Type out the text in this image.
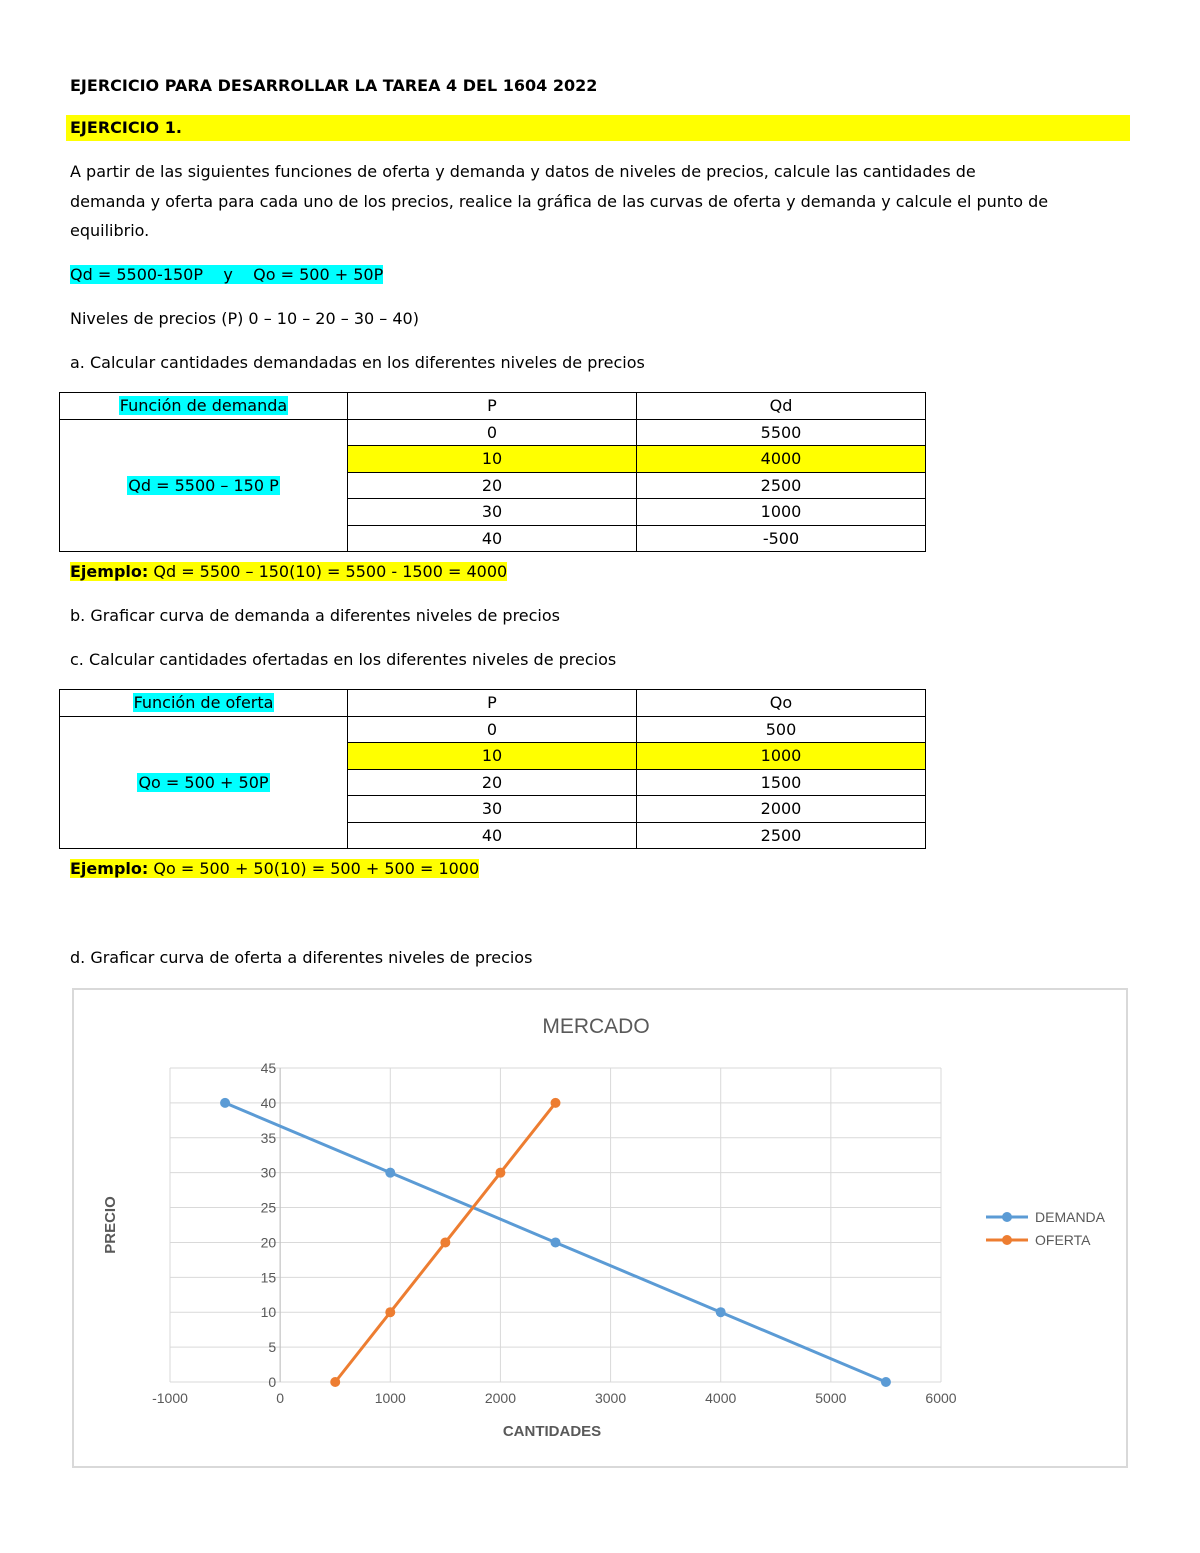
EJERCICIO PARA DESARROLLAR LA TAREA 4 DEL 1604 2022
EJERCICIO 1.
A partir de las siguientes funciones de oferta y demanda y datos de niveles de precios, calcule las cantidades de
demanda y oferta para cada uno de los precios, realice la gráfica de las curvas de oferta y demanda y calcule el punto de
equilibrio.
Qd = 5500-150P    y    Qo = 500 + 50P
Niveles de precios (P) 0 – 10 – 20 – 30 – 40)
a. Calcular cantidades demandadas en los diferentes niveles de precios
Función de demanda	P	Qd
Qd = 5500 – 150 P	0	5500
	10	4000
	20	2500
	30	1000
	40	-500
Ejemplo: Qd = 5500 – 150(10) = 5500 - 1500 = 4000
b. Graficar curva de demanda a diferentes niveles de precios
c. Calcular cantidades ofertadas en los diferentes niveles de precios
Función de oferta	P	Qo
Qo = 500 + 50P	0	500
	10	1000
	20	1500
	30	2000
	40	2500
Ejemplo: Qo = 500 + 50(10) = 500 + 500 = 1000
d. Graficar curva de oferta a diferentes niveles de precios
MERCADO
0
5
10
15
20
25
30
35
40
45
-1000	0	1000	2000	3000	4000	5000	6000
CANTIDADES
PRECIO	DEMANDA
OFERTA
